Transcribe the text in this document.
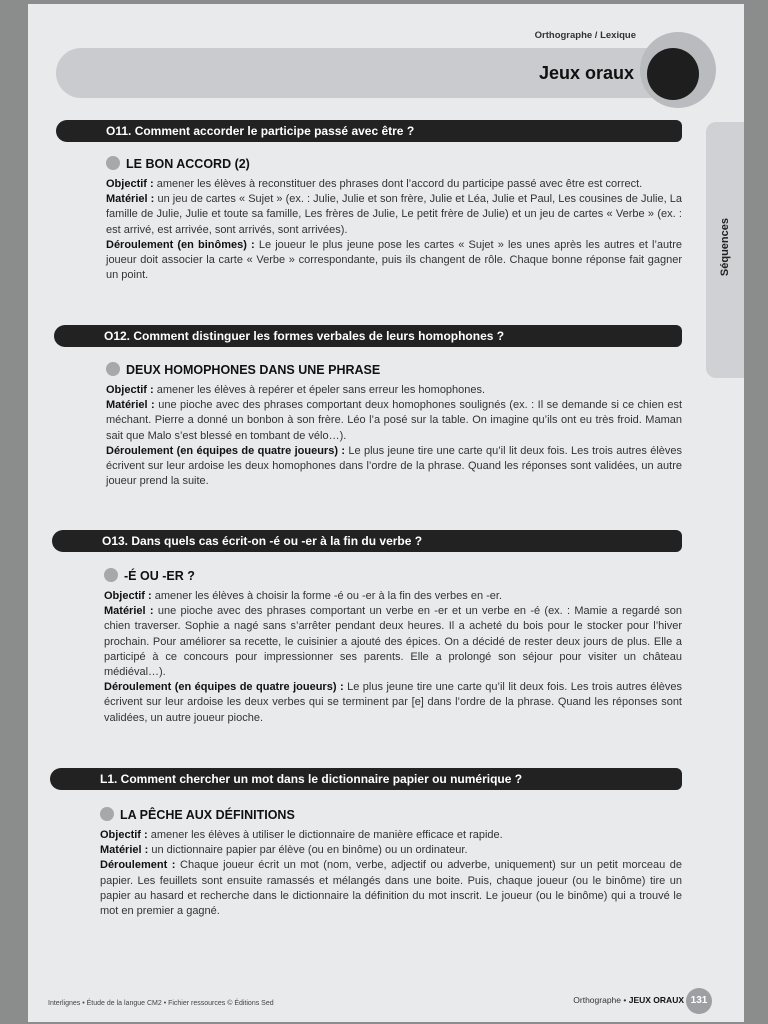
Orthographe / Lexique
Jeux oraux
Séquences
O11. Comment accorder le participe passé avec être ?
LE BON ACCORD (2)

Objectif : amener les élèves à reconstituer des phrases dont l’accord du participe passé avec être est correct.

Matériel : un jeu de cartes « Sujet » (ex. : Julie, Julie et son frère, Julie et Léa, Julie et Paul, Les cousines de Julie, La famille de Julie, Julie et toute sa famille, Les frères de Julie, Le petit frère de Julie) et un jeu de cartes « Verbe » (ex. : est arrivé, est arrivée, sont arrivés, sont arrivées).

Déroulement (en binômes) : Le joueur le plus jeune pose les cartes « Sujet » les unes après les autres et l’autre joueur doit associer la carte « Verbe » correspondante, puis ils changent de rôle. Chaque bonne réponse fait gagner un point.

O12. Comment distinguer les formes verbales de leurs homophones ?
DEUX HOMOPHONES DANS UNE PHRASE

Objectif : amener les élèves à repérer et épeler sans erreur les homophones.

Matériel : une pioche avec des phrases comportant deux homophones soulignés (ex. : Il se demande si ce chien est méchant. Pierre a donné un bonbon à son frère. Léo l’a posé sur la table. On imagine qu’ils ont eu très froid. Maman sait que Malo s’est blessé en tombant de vélo…).

Déroulement (en équipes de quatre joueurs) : Le plus jeune tire une carte qu’il lit deux fois. Les trois autres élèves écrivent sur leur ardoise les deux homophones dans l’ordre de la phrase. Quand les réponses sont validées, un autre joueur prend la suite.

O13. Dans quels cas écrit-on -é ou -er à la fin du verbe ?
-É OU -ER ?

Objectif : amener les élèves à choisir la forme -é ou -er à la fin des verbes en -er.

Matériel : une pioche avec des phrases comportant un verbe en -er et un verbe en -é (ex. : Mamie a regardé son chien traverser. Sophie a nagé sans s’arrêter pendant deux heures. Il a acheté du bois pour le stocker pour l’hiver prochain. Pour améliorer sa recette, le cuisinier a ajouté des épices. On a décidé de rester deux jours de plus. Elle a participé à ce concours pour impressionner ses parents. Elle a prolongé son séjour pour visiter un château médiéval…).

Déroulement (en équipes de quatre joueurs) : Le plus jeune tire une carte qu’il lit deux fois. Les trois autres élèves écrivent sur leur ardoise les deux verbes qui se terminent par [e] dans l’ordre de la phrase. Quand les réponses sont validées, un autre joueur pioche.

L1. Comment chercher un mot dans le dictionnaire papier ou numérique ?
LA PÊCHE AUX DÉFINITIONS

Objectif : amener les élèves à utiliser le dictionnaire de manière efficace et rapide.

Matériel : un dictionnaire papier par élève (ou en binôme) ou un ordinateur.

Déroulement : Chaque joueur écrit un mot (nom, verbe, adjectif ou adverbe, uniquement) sur un petit morceau de papier. Les feuillets sont ensuite ramassés et mélangés dans une boite. Puis, chaque joueur (ou le binôme) tire un papier au hasard et recherche dans le dictionnaire la définition du mot inscrit. Le joueur (ou le binôme) qui a trouvé le mot en premier a gagné.

Interlignes • Étude de la langue CM2 • Fichier ressources © Éditions Sed	Orthographe • JEUX ORAUX 131
